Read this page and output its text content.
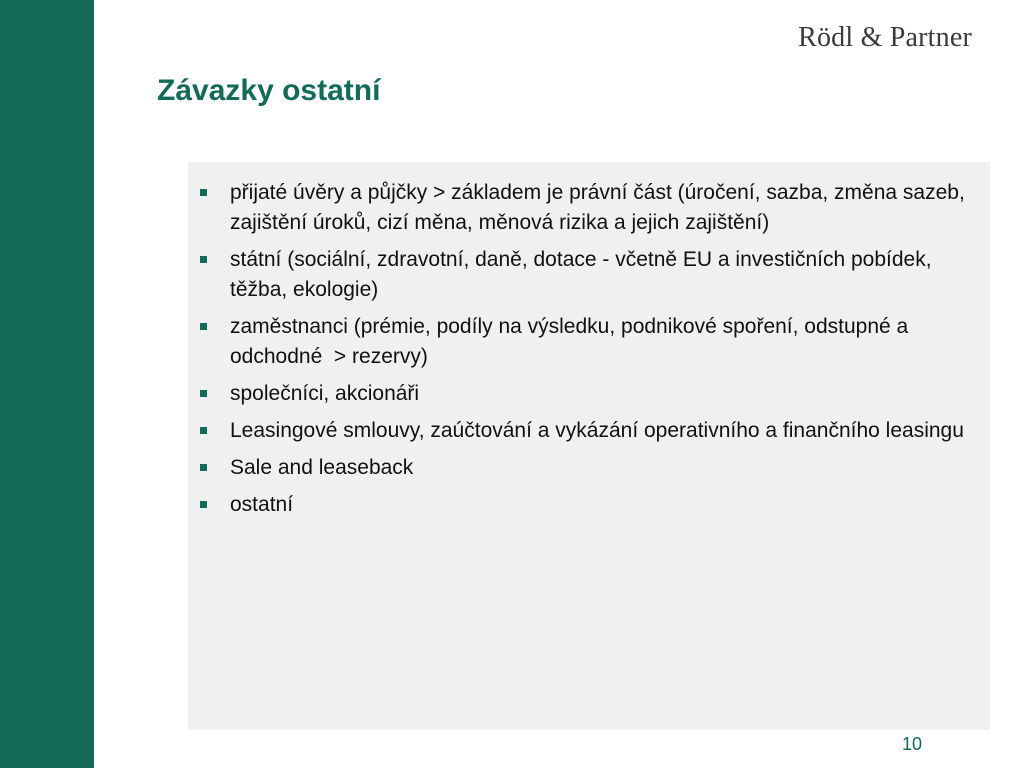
Rödl & Partner
Závazky ostatní
přijaté úvěry a půjčky > základem je právní část (úročení, sazba, změna sazeb, zajištění úroků, cizí měna, měnová rizika a jejich zajištění)
státní (sociální, zdravotní, daně, dotace - včetně EU a investičních pobídek, těžba, ekologie)
zaměstnanci (prémie, podíly na výsledku, podnikové spoření, odstupné a odchodné  > rezervy)
společníci, akcionáři
Leasingové smlouvy, zaúčtování a vykázání operativního a finančního leasingu
Sale and leaseback
ostatní
10
